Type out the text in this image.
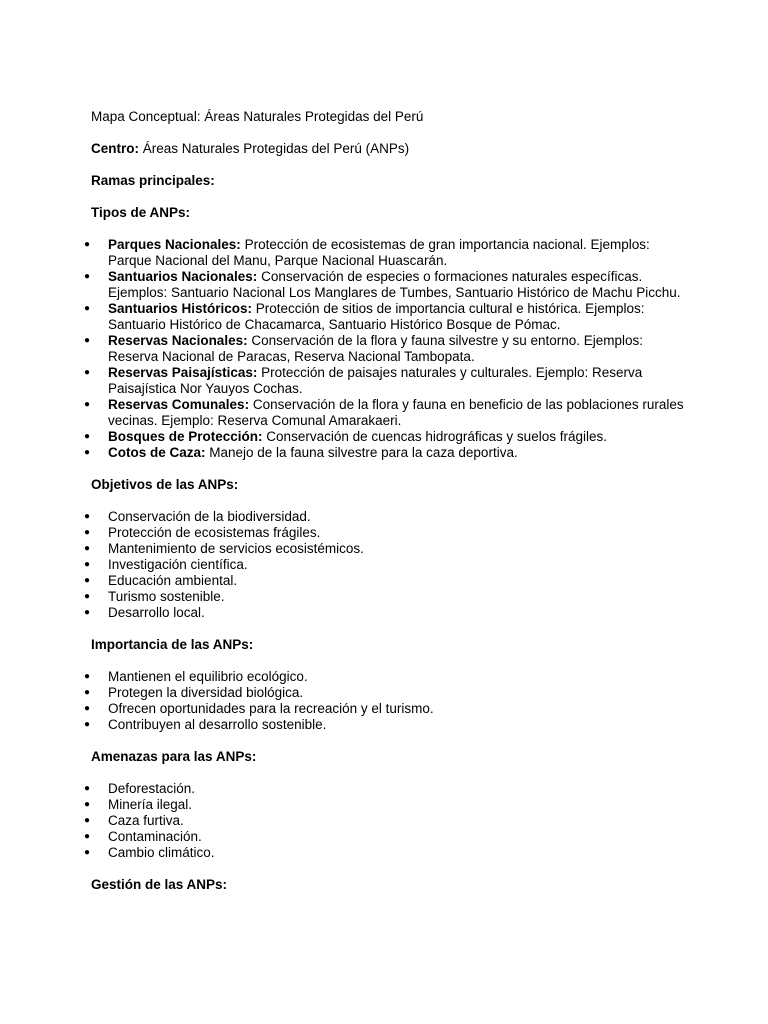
Mapa Conceptual: Áreas Naturales Protegidas del Perú

Centro: Áreas Naturales Protegidas del Perú (ANPs)

Ramas principales:

Tipos de ANPs:

● Parques Nacionales: Protección de ecosistemas de gran importancia nacional. Ejemplos: Parque Nacional del Manu, Parque Nacional Huascarán.
● Santuarios Nacionales: Conservación de especies o formaciones naturales específicas. Ejemplos: Santuario Nacional Los Manglares de Tumbes, Santuario Histórico de Machu Picchu.
● Santuarios Históricos: Protección de sitios de importancia cultural e histórica. Ejemplos: Santuario Histórico de Chacamarca, Santuario Histórico Bosque de Pómac.
● Reservas Nacionales: Conservación de la flora y fauna silvestre y su entorno. Ejemplos: Reserva Nacional de Paracas, Reserva Nacional Tambopata.
● Reservas Paisajísticas: Protección de paisajes naturales y culturales. Ejemplo: Reserva Paisajística Nor Yauyos Cochas.
● Reservas Comunales: Conservación de la flora y fauna en beneficio de las poblaciones rurales vecinas. Ejemplo: Reserva Comunal Amarakaeri.
● Bosques de Protección: Conservación de cuencas hidrográficas y suelos frágiles.
● Cotos de Caza: Manejo de la fauna silvestre para la caza deportiva.

Objetivos de las ANPs:

● Conservación de la biodiversidad.
● Protección de ecosistemas frágiles.
● Mantenimiento de servicios ecosistémicos.
● Investigación científica.
● Educación ambiental.
● Turismo sostenible.
● Desarrollo local.

Importancia de las ANPs:

● Mantienen el equilibrio ecológico.
● Protegen la diversidad biológica.
● Ofrecen oportunidades para la recreación y el turismo.
● Contribuyen al desarrollo sostenible.

Amenazas para las ANPs:

● Deforestación.
● Minería ilegal.
● Caza furtiva.
● Contaminación.
● Cambio climático.

Gestión de las ANPs:
